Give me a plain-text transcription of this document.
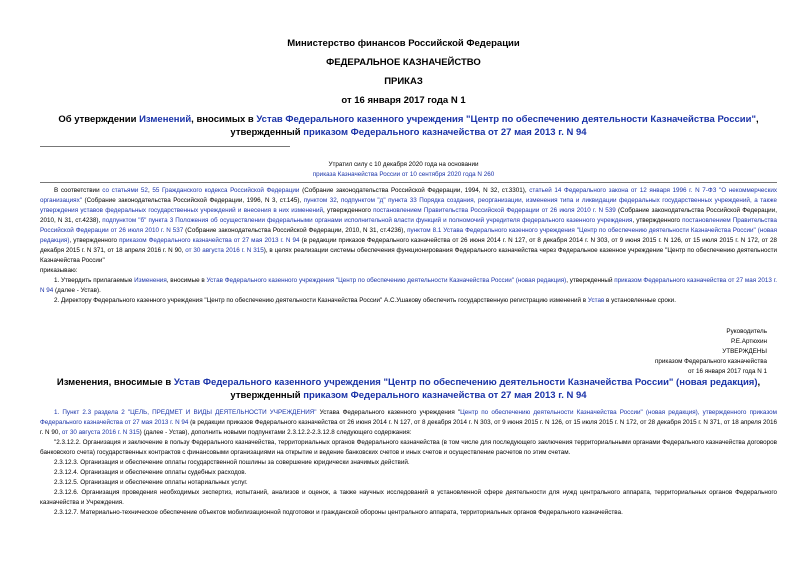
Министерство финансов Российской Федерации
ФЕДЕРАЛЬНОЕ КАЗНАЧЕЙСТВО
ПРИКАЗ
от 16 января 2017 года N 1
Об утверждении Изменений, вносимых в Устав Федерального казенного учреждения "Центр по обеспечению деятельности Казначейства России", утвержденный приказом Федерального казначейства от 27 мая 2013 г. N 94
Утратил силу с 10 декабря 2020 года на основании
приказа Казначейства России от 10 сентября 2020 года N 260

В соответствии со статьями 52, 55 Гражданского кодекса Российской Федерации (Собрание законодательства Российской Федерации, 1994, N 32, ст.3301), статьей 14 Федерального закона от 12 января 1996 г. N 7-ФЗ "О некоммерческих организациях" (Собрание законодательства Российской Федерации, 1996, N 3, ст.145), пунктом 32, подпунктом "д" пункта 33 Порядка создания, реорганизации, изменения типа и ликвидации федеральных государственных учреждений, а также утверждения уставов федеральных государственных учреждений и внесения в них изменений, утвержденного постановлением Правительства Российской Федерации от 26 июля 2010 г. N 539 (Собрание законодательства Российской Федерации, 2010, N 31, ст.4238), подпунктом "б" пункта 3 Положения об осуществлении федеральными органами исполнительной власти функций и полномочий учредителя федерального казенного учреждения, утвержденного постановлением Правительства Российской Федерации от 26 июля 2010 г. N 537 (Собрание законодательства Российской Федерации, 2010, N 31, ст.4236), пунктом 8.1 Устава Федерального казенного учреждения "Центр по обеспечению деятельности Казначейства России" (новая редакция), утвержденного приказом Федерального казначейства от 27 мая 2013 г. N 94 (в редакции приказов Федерального казначейства от 26 июня 2014 г. N 127, от 8 декабря 2014 г. N 303, от 9 июня 2015 г. N 126, от 15 июля 2015 г. N 172, от 28 декабря 2015 г. N 371, от 18 апреля 2016 г. N 90, от 30 августа 2016 г. N 315), в целях реализации системы обеспечения функционирования Федерального казначейства через Федеральное казенное учреждение "Центр по обеспечению деятельности Казначейства России"

приказываю:

1. Утвердить прилагаемые Изменения, вносимые в Устав Федерального казенного учреждения "Центр по обеспечению деятельности Казначейства России" (новая редакция), утвержденный приказом Федерального казначейства от 27 мая 2013 г. N 94 (далее - Устав).

2. Директору Федерального казенного учреждения "Центр по обеспечению деятельности Казначейства России" А.С.Ушакову обеспечить государственную регистрацию изменений в Устав в установленные сроки.

Руководитель
Р.Е.Артюхин
УТВЕРЖДЕНЫ
приказом Федерального казначейства
от 16 января 2017 года N 1
Изменения, вносимые в Устав Федерального казенного учреждения "Центр по обеспечению деятельности Казначейства России" (новая редакция), утвержденный приказом Федерального казначейства от 27 мая 2013 г. N 94

1. Пункт 2.3 раздела 2 "ЦЕЛЬ, ПРЕДМЕТ И ВИДЫ ДЕЯТЕЛЬНОСТИ УЧРЕЖДЕНИЯ" Устава Федерального казенного учреждения "Центр по обеспечению деятельности Казначейства России" (новая редакция), утвержденного приказом Федерального казначейства от 27 мая 2013 г. N 94 (в редакции приказов Федерального казначейства от 26 июня 2014 г. N 127, от 8 декабря 2014 г. N 303, от 9 июня 2015 г. N 126, от 15 июля 2015 г. N 172, от 28 декабря 2015 г. N 371, от 18 апреля 2016 г. N 90, от 30 августа 2016 г. N 315) (далее - Устав), дополнить новыми подпунктами 2.3.12.2-2.3.12.8 следующего содержания:

"2.3.12.2. Организация и заключение в пользу Федерального казначейства, территориальных органов Федерального казначейства (в том числе для последующего заключения территориальными органами Федерального казначейства договоров банковского счета) государственных контрактов с финансовыми организациями на открытие и ведение банковских счетов и иных счетов и осуществление расчетов по этим счетам.

2.3.12.3. Организация и обеспечение оплаты государственной пошлины за совершение юридически значимых действий.

2.3.12.4. Организация и обеспечение оплаты судебных расходов.

2.3.12.5. Организация и обеспечение оплаты нотариальных услуг.

2.3.12.6. Организация проведения необходимых экспертиз, испытаний, анализов и оценок, а также научных исследований в установленной сфере деятельности для нужд центрального аппарата, территориальных органов Федерального казначейства и Учреждения.

2.3.12.7. Материально-техническое обеспечение объектов мобилизационной подготовки и гражданской обороны центрального аппарата, территориальных органов Федерального казначейства.
